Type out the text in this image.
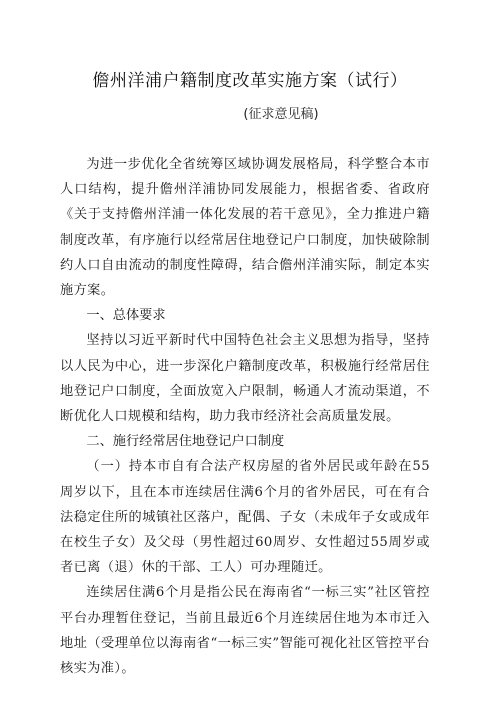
儋州洋浦户籍制度改革实施方案（试行）
(征求意见稿)

为进一步优化全省统筹区域协调发展格局，科学整合本市人口结构，提升儋州洋浦协同发展能力，根据省委、省政府《关于支持儋州洋浦一体化发展的若干意见》，全力推进户籍制度改革，有序施行以经常居住地登记户口制度，加快破除制约人口自由流动的制度性障碍，结合儋州洋浦实际，制定本实施方案。

一、总体要求

坚持以习近平新时代中国特色社会主义思想为指导，坚持以人民为中心，进一步深化户籍制度改革，积极施行经常居住地登记户口制度，全面放宽入户限制，畅通人才流动渠道，不断优化人口规模和结构，助力我市经济社会高质量发展。

二、施行经常居住地登记户口制度

（一）持本市自有合法产权房屋的省外居民或年龄在55周岁以下，且在本市连续居住满6个月的省外居民，可在有合法稳定住所的城镇社区落户，配偶、子女（未成年子女或成年在校生子女）及父母（男性超过60周岁、女性超过55周岁或者已离（退）休的干部、工人）可办理随迁。

连续居住满6个月是指公民在海南省“一标三实”社区管控平台办理暂住登记，当前且最近6个月连续居住地为本市迁入地址（受理单位以海南省“一标三实”智能可视化社区管控平台核实为准）。
